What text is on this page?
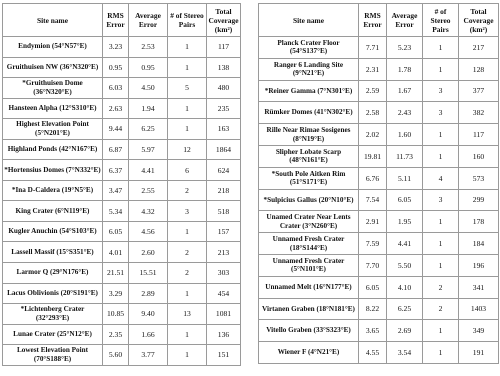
Site name	RMS Error	Average Error	# of Stereo Pairs	Total Coverage (km²)
Endymion (54°N57°E)	3.23	2.53	1	117
Gruithuisen NW (36°N320°E)	0.95	0.95	1	138
*Gruithuisen Dome (36°N320°E)	6.03	4.50	5	480
Hansteen Alpha (12°S310°E)	2.63	1.94	1	235
Highest Elevation Point (5°N201°E)	9.44	6.25	1	163
Highland Ponds (42°N167°E)	6.87	5.97	12	1864
*Hortensius Domes (7°N332°E)	6.37	4.41	6	624
*Ina D-Caldera (19°N5°E)	3.47	2.55	2	218
King Crater (6°N119°E)	5.34	4.32	3	518
Kugler Anuchin (54°S103°E)	6.05	4.56	1	157
Lassell Massif (15°S351°E)	4.01	2.60	2	213
Larmor Q (29°N176°E)	21.51	15.51	2	303
Lacus Oblivionis (20°S191°E)	3.29	2.89	1	454
*Lichtenberg Crater (32°293°E)	10.85	9.40	13	1081
Lunae Crater (25°N12°E)	2.35	1.66	1	136
Lowest Elevation Point (70°S188°E)	5.60	3.77	1	151
Site name	RMS Error	Average Error	# of Stereo Pairs	Total Coverage (km²)
Planck Crater Floor (54°S137°E)	7.71	5.23	1	217
Ranger 6 Landing Site (9°N21°E)	2.31	1.78	1	128
*Reiner Gamma (7°N301°E)	2.59	1.67	3	377
Rümker Domes (41°N302°E)	2.58	2.43	3	382
Rille Near Rimae Sosigenes (8°N19°E)	2.02	1.60	1	117
Slipher Lobate Scarp (48°N161°E)	19.81	11.73	1	160
*South Pole Aitken Rim (51°S171°E)	6.76	5.11	4	573
*Sulpicius Gallus (20°N10°E)	7.54	6.05	3	299
Unamed Crater Near Lents Crater (3°N260°E)	2.91	1.95	1	178
Unnamed Fresh Crater (18°S144°E)	7.59	4.41	1	184
Unnamed Fresh Crater (5°N101°E)	7.70	5.50	1	196
Unnamed Melt (16°N177°E)	6.05	4.10	2	341
Virtanen Graben (18°N181°E)	8.22	6.25	2	1403
Vitello Graben (33°S323°E)	3.65	2.69	1	349
Wiener F (4°N21°E)	4.55	3.54	1	191
